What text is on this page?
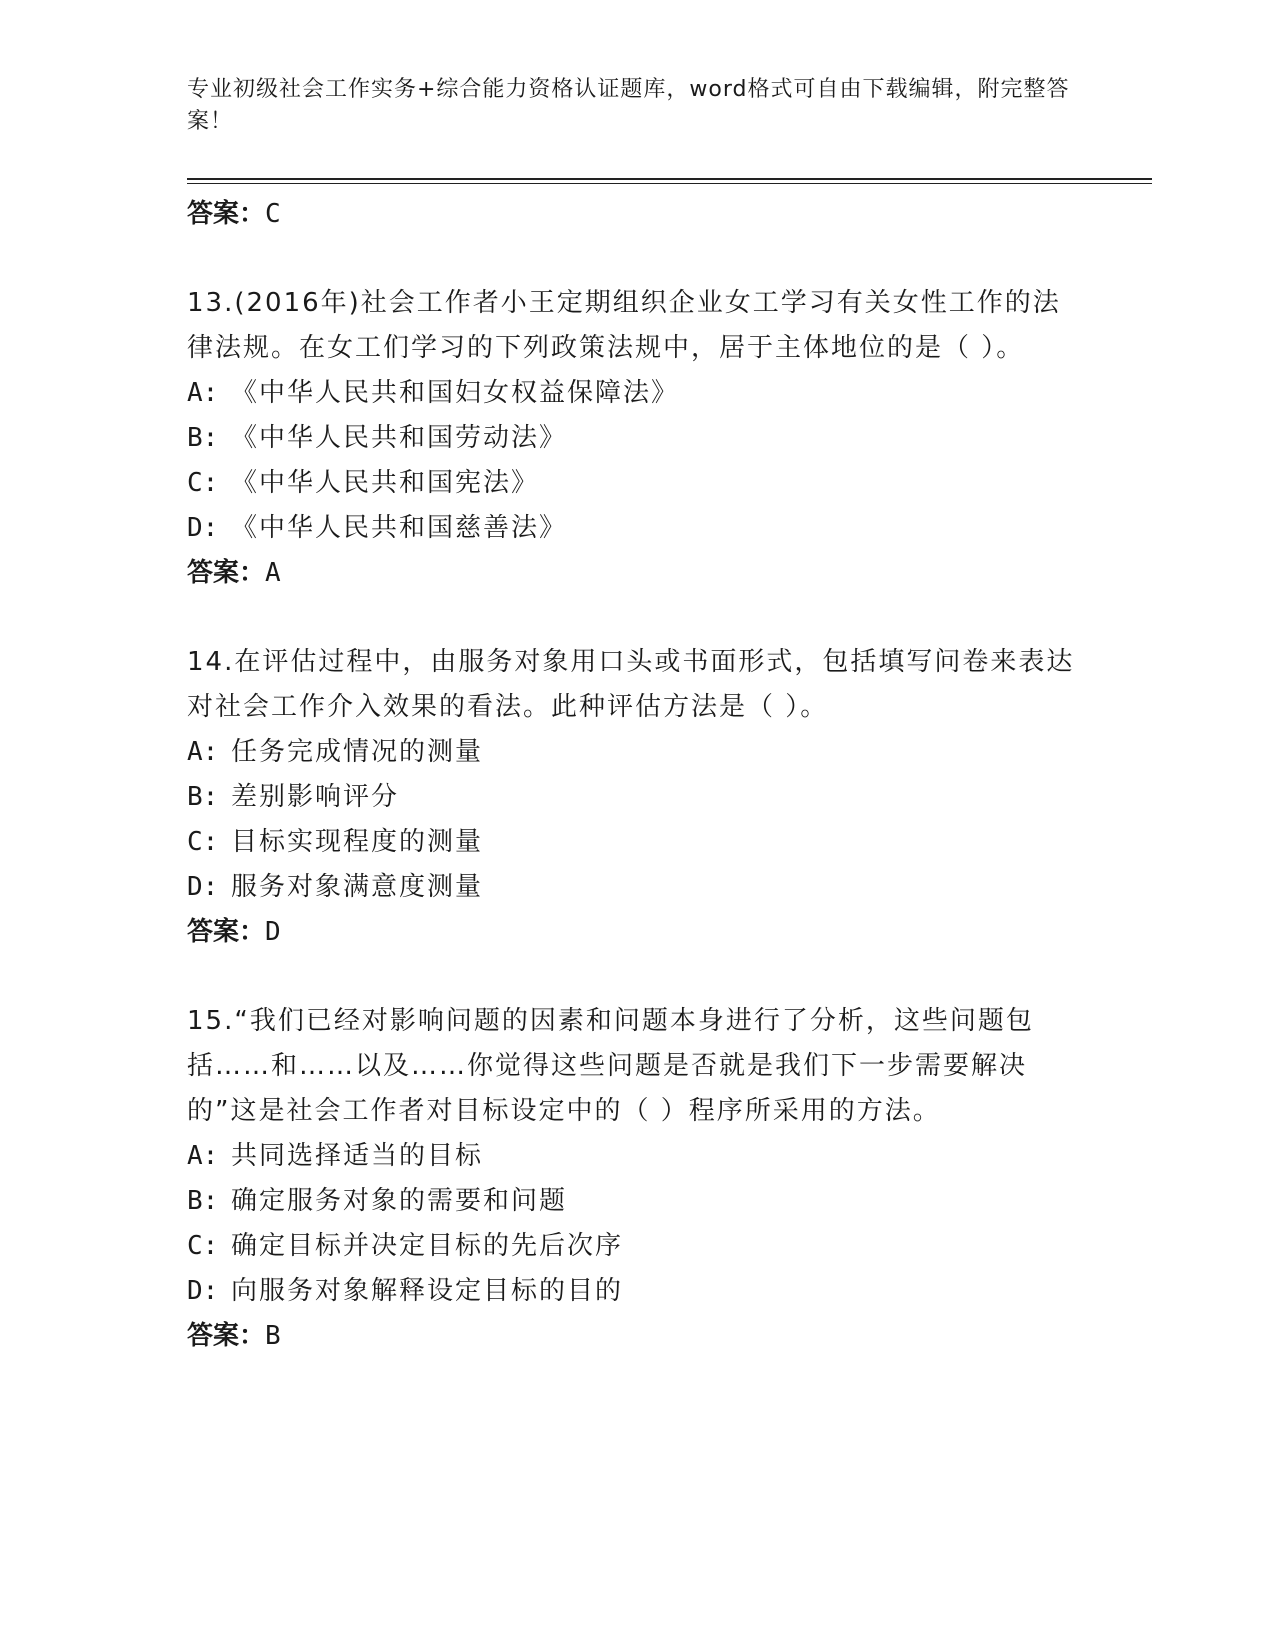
专业初级社会工作实务+综合能力资格认证题库，word格式可自由下载编辑，附完整答案！
答案：C
13.(2016年)社会工作者小王定期组织企业女工学习有关女性工作的法律法规。在女工们学习的下列政策法规中，居于主体地位的是（ ）。
A: 《中华人民共和国妇女权益保障法》
B: 《中华人民共和国劳动法》
C: 《中华人民共和国宪法》
D: 《中华人民共和国慈善法》
答案：A
14.在评估过程中，由服务对象用口头或书面形式，包括填写问卷来表达对社会工作介入效果的看法。此种评估方法是（ ）。
A: 任务完成情况的测量
B: 差别影响评分
C: 目标实现程度的测量
D: 服务对象满意度测量
答案：D
15.“我们已经对影响问题的因素和问题本身进行了分析，这些问题包括……和……以及……你觉得这些问题是否就是我们下一步需要解决的”这是社会工作者对目标设定中的（ ）程序所采用的方法。
A: 共同选择适当的目标
B: 确定服务对象的需要和问题
C: 确定目标并决定目标的先后次序
D: 向服务对象解释设定目标的目的
答案：B
